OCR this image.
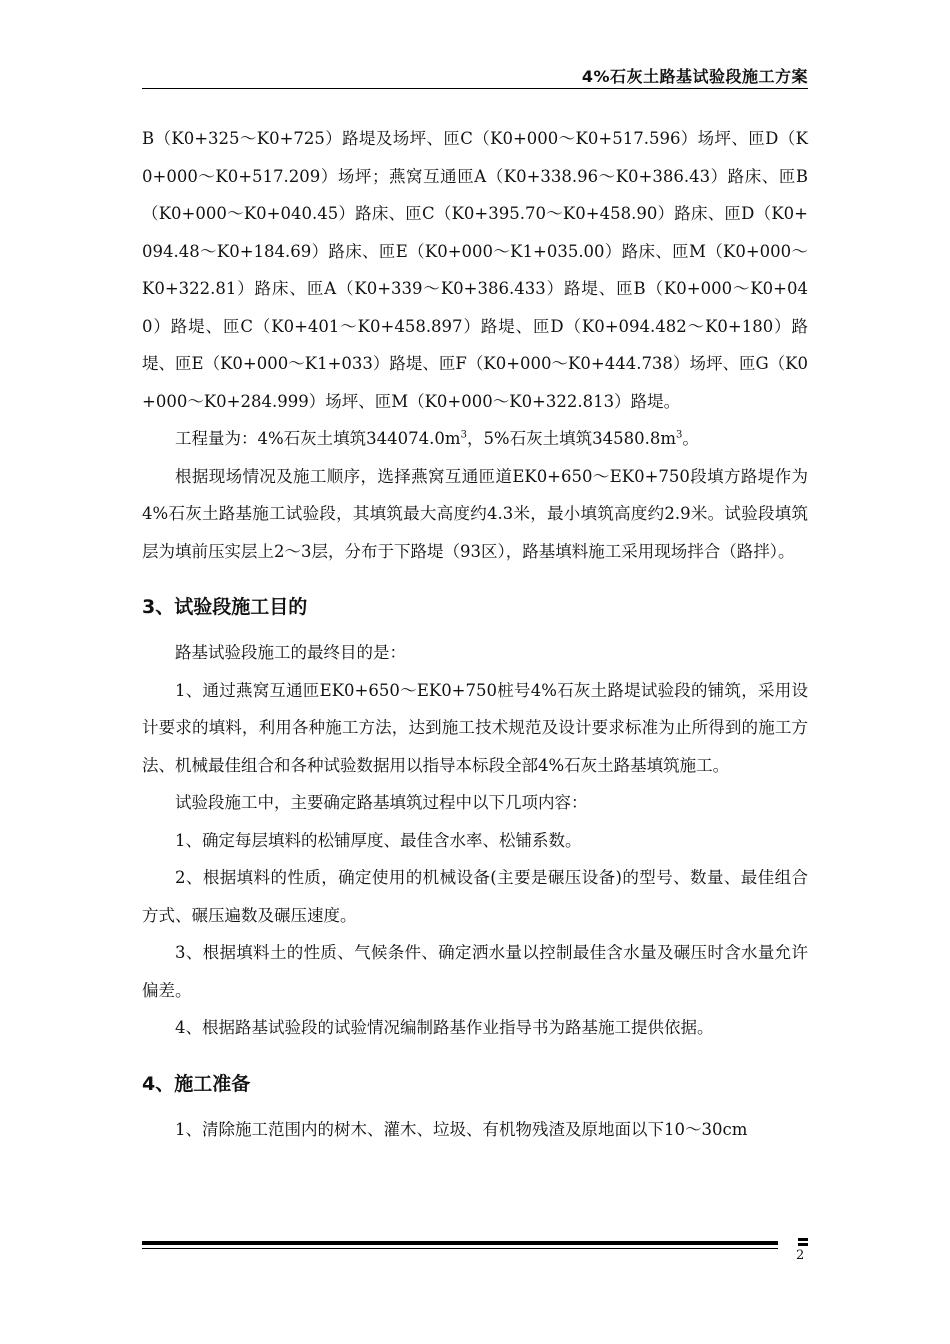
4%石灰土路基试验段施工方案

B（K0+325～K0+725）路堤及场坪、匝C（K0+000～K0+517.596）场坪、匝D（K0+000～K0+517.209）场坪；燕窝互通匝A（K0+338.96～K0+386.43）路床、匝B（K0+000～K0+040.45）路床、匝C（K0+395.70～K0+458.90）路床、匝D（K0+094.48～K0+184.69）路床、匝E（K0+000～K1+035.00）路床、匝M（K0+000～K0+322.81）路床、匝A（K0+339～K0+386.433）路堤、匝B（K0+000～K0+040）路堤、匝C（K0+401～K0+458.897）路堤、匝D（K0+094.482～K0+180）路堤、匝E（K0+000～K1+033）路堤、匝F（K0+000～K0+444.738）场坪、匝G（K0+000～K0+284.999）场坪、匝M（K0+000～K0+322.813）路堤。

工程量为：4%石灰土填筑$344074.0m^3$，5%石灰土填筑$34580.8m^3$。

根据现场情况及施工顺序，选择燕窝互通匝道EK0+650～EK0+750段填方路堤作为4%石灰土路基施工试验段，其填筑最大高度约4.3米，最小填筑高度约2.9米。试验段填筑层为填前压实层上2～3层，分布于下路堤（93区），路基填料施工采用现场拌合（路拌）。

3、试验段施工目的

路基试验段施工的最终目的是：

1、通过燕窝互通匝EK0+650～EK0+750桩号4%石灰土路堤试验段的铺筑，采用设计要求的填料，利用各种施工方法，达到施工技术规范及设计要求标准为止所得到的施工方法、机械最佳组合和各种试验数据用以指导本标段全部4%石灰土路基填筑施工。

试验段施工中，主要确定路基填筑过程中以下几项内容：

1、确定每层填料的松铺厚度、最佳含水率、松铺系数。

2、根据填料的性质，确定使用的机械设备(主要是碾压设备)的型号、数量、最佳组合方式、碾压遍数及碾压速度。

3、根据填料土的性质、气候条件、确定洒水量以控制最佳含水量及碾压时含水量允许偏差。

4、根据路基试验段的试验情况编制路基作业指导书为路基施工提供依据。

4、施工准备

1、清除施工范围内的树木、灌木、垃圾、有机物残渣及原地面以下10～30cm

2
